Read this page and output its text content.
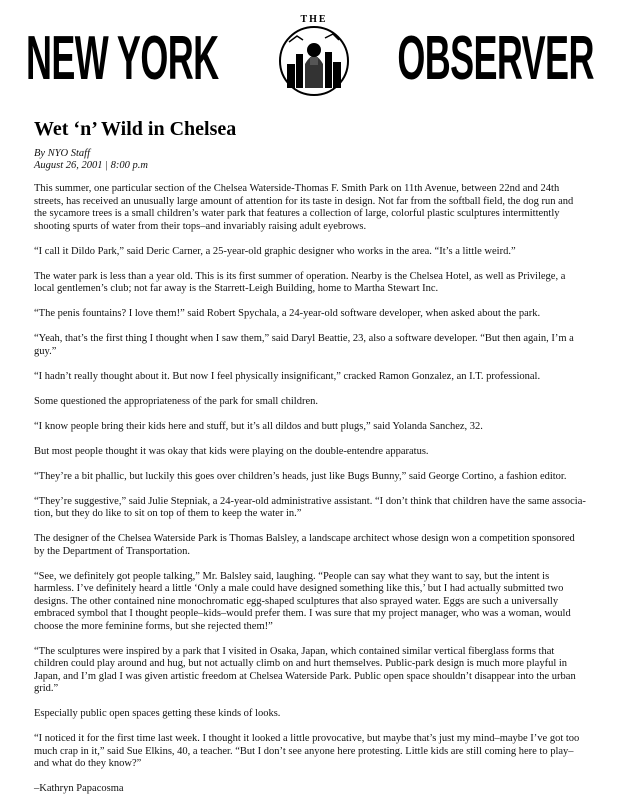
THE
NEW YORK	OBSERVER
Wet ‘n’ Wild in Chelsea
By NYO Staff
August 26, 2001 | 8:00 p.m

This summer, one particular section of the Chelsea Waterside-Thomas F. Smith Park on 11th Avenue, between 22nd and 24th streets, has received an unusually large amount of attention for its taste in design. Not far from the softball field, the dog run and the sycamore trees is a small children’s water park that features a collection of large, colorful plastic sculptures intermittently shooting spurts of water from their tops–and invariably raising adult eyebrows.

“I call it Dildo Park,” said Deric Carner, a 25-year-old graphic designer who works in the area. “It’s a little weird.”

The water park is less than a year old. This is its first summer of operation. Nearby is the Chelsea Hotel, as well as Privilege, a local gentlemen’s club; not far away is the Starrett-Leigh Building, home to Martha Stewart Inc.

“The penis fountains? I love them!” said Robert Spychala, a 24-year-old software developer, when asked about the park.

“Yeah, that’s the first thing I thought when I saw them,” said Daryl Beattie, 23, also a software developer. “But then again, I’m a guy.”

“I hadn’t really thought about it. But now I feel physically insignificant,” cracked Ramon Gonzalez, an I.T. professional.

Some questioned the appropriateness of the park for small children.

“I know people bring their kids here and stuff, but it’s all dildos and butt plugs,” said Yolanda Sanchez, 32.

But most people thought it was okay that kids were playing on the double-entendre apparatus.

“They’re a bit phallic, but luckily this goes over children’s heads, just like Bugs Bunny,” said George Cortino, a fashion editor.

“They’re suggestive,” said Julie Stepniak, a 24-year-old administrative assistant. “I don’t think that children have the same associa-tion, but they do like to sit on top of them to keep the water in.”

The designer of the Chelsea Waterside Park is Thomas Balsley, a landscape architect whose design won a competition sponsored by the Department of Transportation.

“See, we definitely got people talking,” Mr. Balsley said, laughing. “People can say what they want to say, but the intent is harmless. I’ve definitely heard a little ‘Only a male could have designed something like this,’ but I had actually submitted two designs. The other contained nine monochromatic egg-shaped sculptures that also sprayed water. Eggs are such a universally embraced symbol that I thought people–kids–would prefer them. I was sure that my project manager, who was a woman, would choose the more feminine forms, but she rejected them!”

“The sculptures were inspired by a park that I visited in Osaka, Japan, which contained similar vertical fiberglass forms that children could play around and hug, but not actually climb on and hurt themselves. Public-park design is much more playful in Japan, and I’m glad I was given artistic freedom at Chelsea Waterside Park. Public open space shouldn’t disappear into the urban grid.”

Especially public open spaces getting these kinds of looks.

“I noticed it for the first time last week. I thought it looked a little provocative, but maybe that’s just my mind–maybe I’ve got too much crap in it,” said Sue Elkins, 40, a teacher. “But I don’t see anyone here protesting. Little kids are still coming here to play–and what do they know?”

–Kathryn Papacosma
